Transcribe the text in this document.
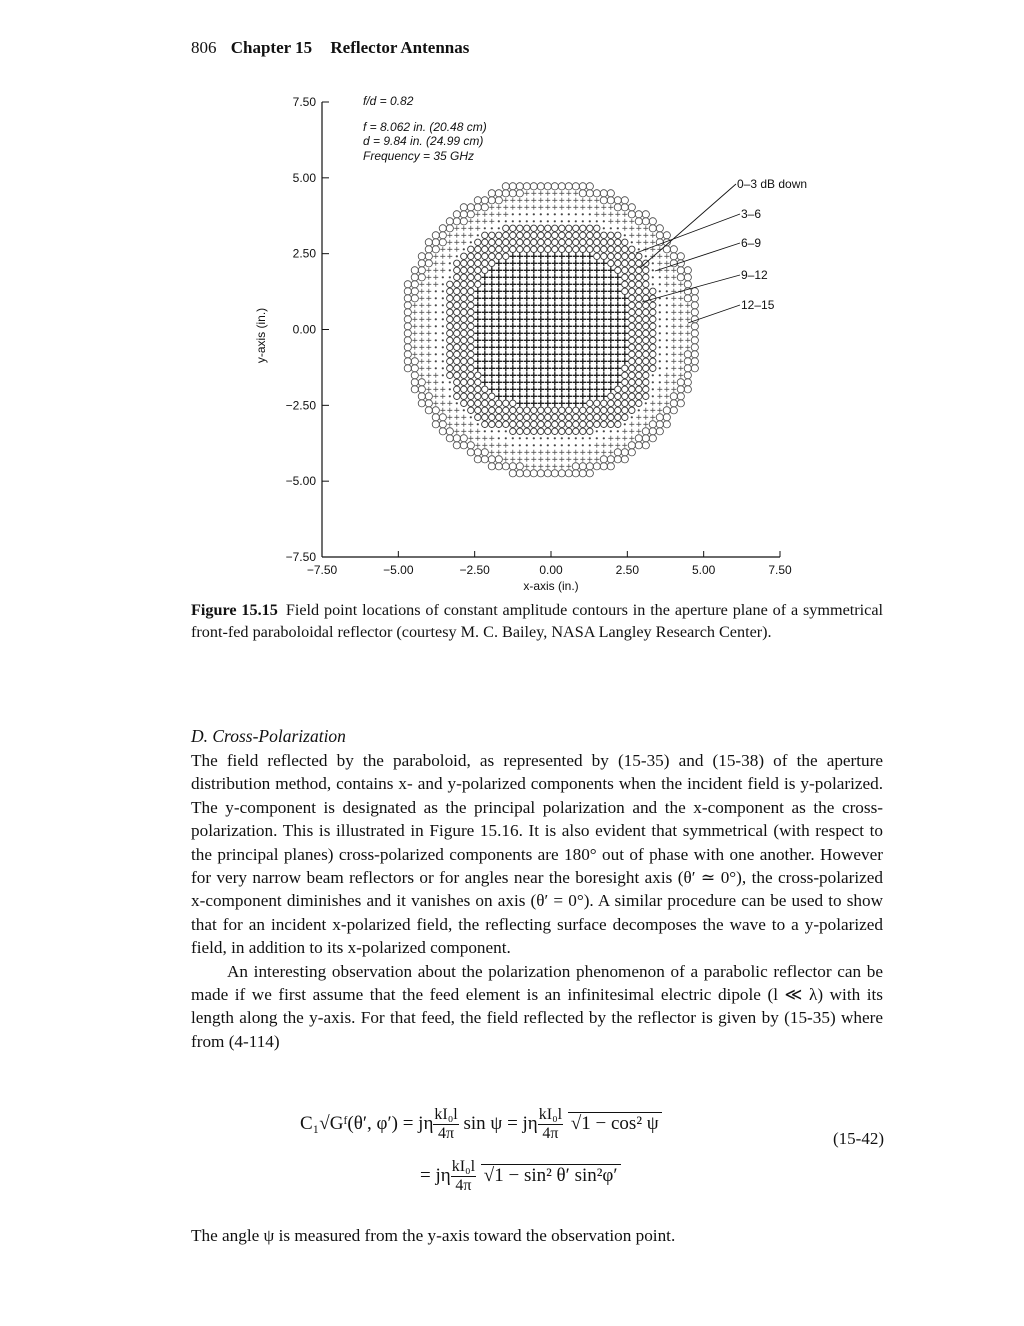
806 Chapter 15 Reflector Antennas
−7.50
7.50
−5.00
5.00
−2.50
2.50
0.00
0.00
2.50
−2.50
5.00
−5.00
7.50
−7.50
x-axis (in.)
y-axis (in.)
f/d = 0.82
f = 8.062 in. (20.48 cm)
d = 9.84 in. (24.99 cm)
Frequency = 35 GHz
0–3 dB down
3–6
6–9
9–12
12–15
Figure 15.15 Field point locations of constant amplitude contours in the aperture plane of a symmetrical front-fed paraboloidal reflector (courtesy M. C. Bailey, NASA Langley Research Center).
D. Cross-Polarization

The field reflected by the paraboloid, as represented by (15-35) and (15-38) of the aperture distribution method, contains x- and y-polarized components when the incident field is y-polarized. The y-component is designated as the principal polarization and the x-component as the cross-polarization. This is illustrated in Figure 15.16. It is also evident that symmetrical (with respect to the principal planes) cross-polarized components are 180° out of phase with one another. However for very narrow beam reflectors or for angles near the boresight axis (θ′ ≃ 0°), the cross-polarized x-component diminishes and it vanishes on axis (θ′ = 0°). A similar procedure can be used to show that for an incident x-polarized field, the reflecting surface decomposes the wave to a y-polarized field, in addition to its x-polarized component.

An interesting observation about the polarization phenomenon of a parabolic reflector can be made if we first assume that the feed element is an infinitesimal electric dipole (l ≪ λ) with its length along the y-axis. For that feed, the field reflected by the reflector is given by (15-35) where from (4-114)

C₁√Gᶠ(θ′, φ′) = jη $\frac{\text{kI₀l}}{4\pi}$ sin ψ = jη $\frac{\text{kI₀l}}{4\pi} √1 - \cos^2$ ψ
= jη $\frac{\text{kI₀l}}{4\pi} √1 - \sin^2$ θ′ sin²φ′
(15-42)
The angle ψ is measured from the y-axis toward the observation point.
